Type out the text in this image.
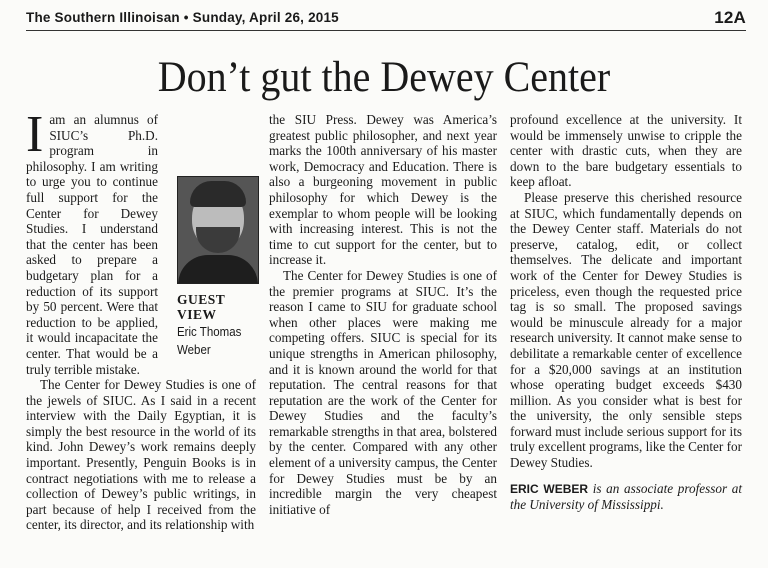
The Southern Illinoisan • Sunday, April 26, 2015	12A
Don’t gut the Dewey Center

Iam an alumnus of SIUC’s Ph.D. program in philosophy. I am writing to urge you to continue full support for the Center for Dewey Studies. I understand that the center has been asked to prepare a budgetary plan for a reduction of its support by 50 percent. Were that reduction to be applied, it would incapacitate the center. That would be a truly terrible mistake.

The Center for Dewey Studies is one of the jewels of SIUC. As I said in a recent interview with the Daily Egyptian, it is simply the best resource in the world of its kind. John Dewey’s work remains deeply important. Presently, Penguin Books is in contract negotiations with me to release a collection of Dewey’s public writings, in part because of help I received from the center, its director, and its relationship with

GUEST
VIEW
Eric Thomas
Weber

the SIU Press. Dewey was America’s greatest public philosopher, and next year marks the 100th anniversary of his master work, Democracy and Education. There is also a burgeoning movement in public philosophy for which Dewey is the exemplar to whom people will be looking with increasing interest. This is not the time to cut support for the center, but to increase it.

The Center for Dewey Studies is one of the premier programs at SIUC. It’s the reason I came to SIU for graduate school when other places were making me competing offers. SIUC is special for its unique strengths in American philosophy, and it is known around the world for that reputation. The central reasons for that reputation are the work of the Center for Dewey Studies and the faculty’s remarkable strengths in that area, bolstered by the center. Compared with any other element of a university campus, the Center for Dewey Studies must be by an incredible margin the very cheapest initiative of

profound excellence at the university. It would be immensely unwise to cripple the center with drastic cuts, when they are down to the bare budgetary essentials to keep afloat.

Please preserve this cherished resource at SIUC, which fundamentally depends on the Dewey Center staff. Materials do not preserve, catalog, edit, or collect themselves. The delicate and important work of the Center for Dewey Studies is priceless, even though the requested price tag is so small. The proposed savings would be minuscule already for a major research university. It cannot make sense to debilitate a remarkable center of excellence for a $20,000 savings at an institution whose operating budget exceeds $430 million. As you consider what is best for the university, the only sensible steps forward must include serious support for its truly excellent programs, like the Center for Dewey Studies.

ERIC WEBER is an associate professor at the University of Mississippi.
